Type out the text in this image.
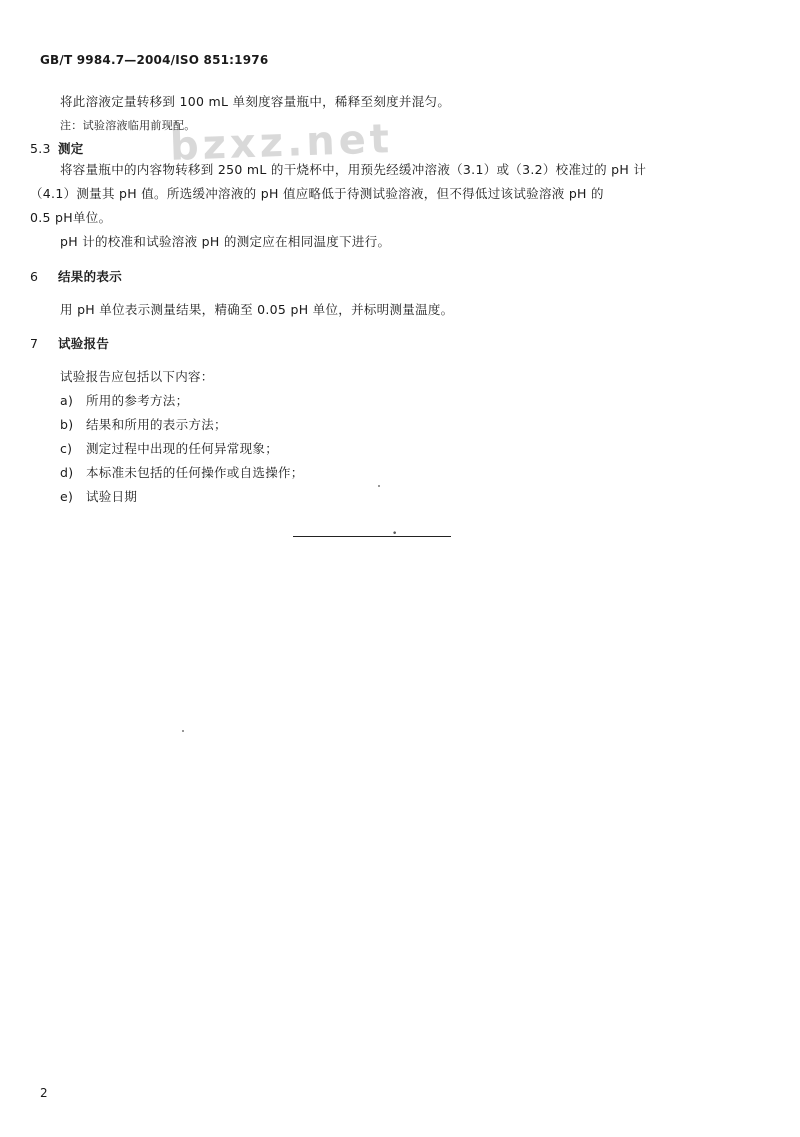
bzxz.net
GB/T 9984.7—2004/ISO 851:1976
将此溶液定量转移到 100 mL 单刻度容量瓶中，稀释至刻度并混匀。
注：试验溶液临用前现配。
5.3 测定
将容量瓶中的内容物转移到 250 mL 的干烧杯中，用预先经缓冲溶液（3.1）或（3.2）校准过的 pH 计
（4.1）测量其 pH 值。所选缓冲溶液的 pH 值应略低于待测试验溶液，但不得低过该试验溶液 pH 的
0.5 pH单位。
pH 计的校准和试验溶液 pH 的测定应在相同温度下进行。
6 结果的表示
用 pH 单位表示测量结果，精确至 0.05 pH 单位，并标明测量温度。
7 试验报告
试验报告应包括以下内容：
a) 所用的参考方法；
b) 结果和所用的表示方法；
c) 测定过程中出现的任何异常现象；
d) 本标准未包括的任何操作或自选操作；
e) 试验日期
•
2
